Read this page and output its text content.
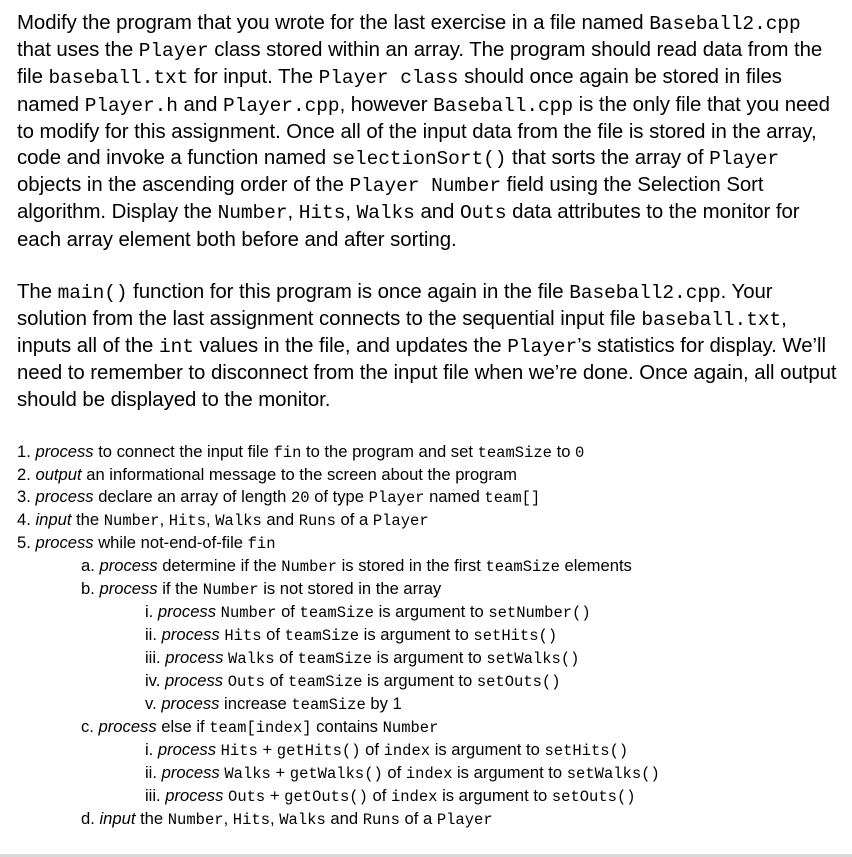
Modify the program that you wrote for the last exercise in a file named Baseball2.cpp that uses the Player class stored within an array. The program should read data from the file baseball.txt for input. The Player class should once again be stored in files named Player.h and Player.cpp, however Baseball.cpp is the only file that you need to modify for this assignment. Once all of the input data from the file is stored in the array, code and invoke a function named selectionSort() that sorts the array of Player objects in the ascending order of the Player Number field using the Selection Sort algorithm. Display the Number, Hits, Walks and Outs data attributes to the monitor for each array element both before and after sorting.

The main() function for this program is once again in the file Baseball2.cpp. Your solution from the last assignment connects to the sequential input file baseball.txt, inputs all of the int values in the file, and updates the Player’s statistics for display. We’ll need to remember to disconnect from the input file when we’re done. Once again, all output should be displayed to the monitor.

1. process to connect the input file fin to the program and set teamSize to 0
2. output an informational message to the screen about the program
3. process declare an array of length 20 of type Player named team[]
4. input the Number, Hits, Walks and Runs of a Player
5. process while not-end-of-file fin
a. process determine if the Number is stored in the first teamSize elements
b. process if the Number is not stored in the array
i. process Number of teamSize is argument to setNumber()
ii. process Hits of teamSize is argument to setHits()
iii. process Walks of teamSize is argument to setWalks()
iv. process Outs of teamSize is argument to setOuts()
v. process increase teamSize by 1
c. process else if team[index] contains Number
i. process Hits + getHits() of index is argument to setHits()
ii. process Walks + getWalks() of index is argument to setWalks()
iii. process Outs + getOuts() of index is argument to setOuts()
d. input the Number, Hits, Walks and Runs of a Player
